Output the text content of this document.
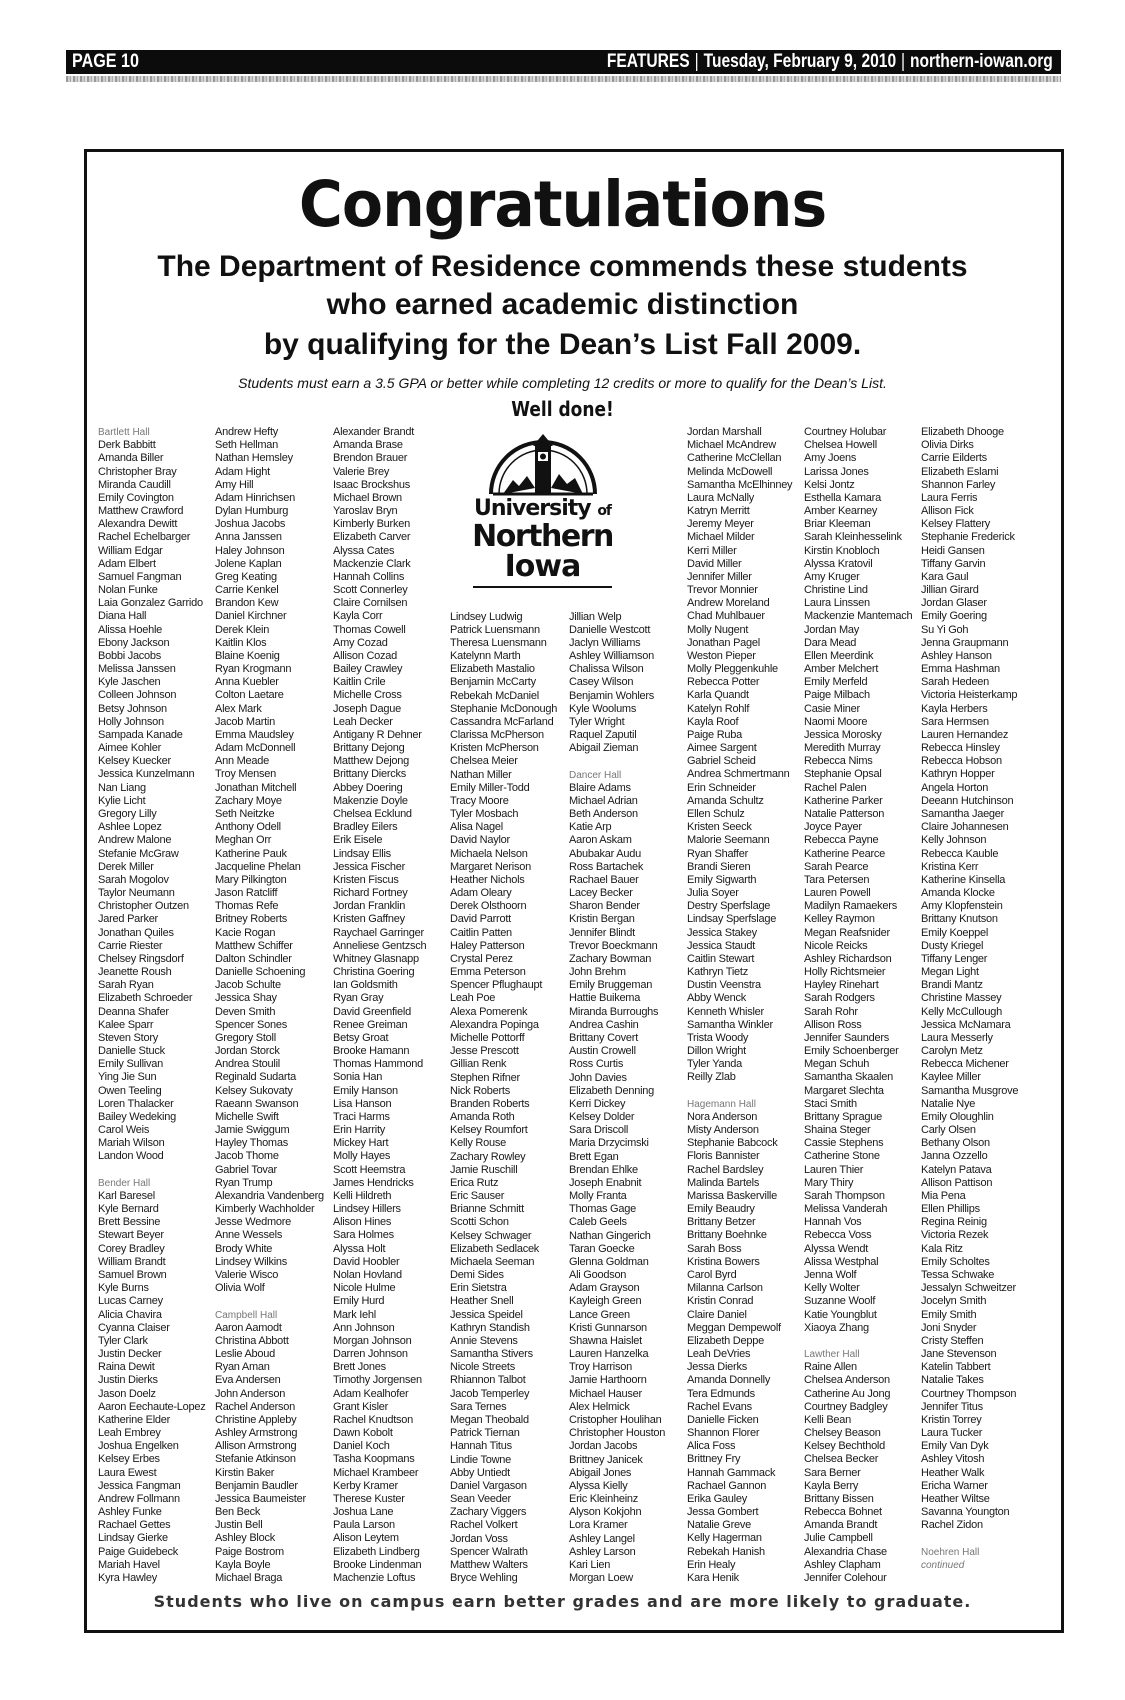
PAGE 10	FEATURES | Tuesday, February 9, 2010 | northern-iowan.org
Congratulations
The Department of Residence commends these students
who earned academic distinction
by qualifying for the Dean’s List Fall 2009.
Students must earn a 3.5 GPA or better while completing 12 credits or more to qualify for the Dean’s List.
Well done!
University of
Northern
Iowa
Bartlett Hall
Derk Babbitt
Amanda Biller
Christopher Bray
Miranda Caudill
Emily Covington
Matthew Crawford
Alexandra Dewitt
Rachel Echelbarger
William Edgar
Adam Elbert
Samuel Fangman
Nolan Funke
Laia Gonzalez Garrido
Diana Hall
Alissa Hoehle
Ebony Jackson
Bobbi Jacobs
Melissa Janssen
Kyle Jaschen
Colleen Johnson
Betsy Johnson
Holly Johnson
Sampada Kanade
Aimee Kohler
Kelsey Kuecker
Jessica Kunzelmann
Nan Liang
Kylie Licht
Gregory Lilly
Ashlee Lopez
Andrew Malone
Stefanie McGraw
Derek Miller
Sarah Mogolov
Taylor Neumann
Christopher Outzen
Jared Parker
Jonathan Quiles
Carrie Riester
Chelsey Ringsdorf
Jeanette Roush
Sarah Ryan
Elizabeth Schroeder
Deanna Shafer
Kalee Sparr
Steven Story
Danielle Stuck
Emily Sullivan
Ying Jie Sun
Owen Teeling
Loren Thalacker
Bailey Wedeking
Carol Weis
Mariah Wilson
Landon Wood
Bender Hall
Karl Baresel
Kyle Bernard
Brett Bessine
Stewart Beyer
Corey Bradley
William Brandt
Samuel Brown
Kyle Burns
Lucas Carney
Alicia Chavira
Cyanna Claiser
Tyler Clark
Justin Decker
Raina Dewit
Justin Dierks
Jason Doelz
Aaron Eechaute-Lopez
Katherine Elder
Leah Embrey
Joshua Engelken
Kelsey Erbes
Laura Ewest
Jessica Fangman
Andrew Follmann
Ashley Funke
Rachael Gettes
Lindsay Gierke
Paige Guidebeck
Mariah Havel
Kyra Hawley
Andrew Hefty
Seth Hellman
Nathan Hemsley
Adam Hight
Amy Hill
Adam Hinrichsen
Dylan Humburg
Joshua Jacobs
Anna Janssen
Haley Johnson
Jolene Kaplan
Greg Keating
Carrie Kenkel
Brandon Kew
Daniel Kirchner
Derek Klein
Kaitlin Klos
Blaine Koenig
Ryan Krogmann
Anna Kuebler
Colton Laetare
Alex Mark
Jacob Martin
Emma Maudsley
Adam McDonnell
Ann Meade
Troy Mensen
Jonathan Mitchell
Zachary Moye
Seth Neitzke
Anthony Odell
Meghan Orr
Katherine Pauk
Jacqueline Phelan
Mary Pilkington
Jason Ratcliff
Thomas Refe
Britney Roberts
Kacie Rogan
Matthew Schiffer
Dalton Schindler
Danielle Schoening
Jacob Schulte
Jessica Shay
Deven Smith
Spencer Sones
Gregory Stoll
Jordan Storck
Andrea Stoulil
Reginald Sudarta
Kelsey Sukovaty
Raeann Swanson
Michelle Swift
Jamie Swiggum
Hayley Thomas
Jacob Thome
Gabriel Tovar
Ryan Trump
Alexandria Vandenberg
Kimberly Wachholder
Jesse Wedmore
Anne Wessels
Brody White
Lindsey Wilkins
Valerie Wisco
Olivia Wolf
Campbell Hall
Aaron Aamodt
Christina Abbott
Leslie Aboud
Ryan Aman
Eva Andersen
John Anderson
Rachel Anderson
Christine Appleby
Ashley Armstrong
Allison Armstrong
Stefanie Atkinson
Kirstin Baker
Benjamin Baudler
Jessica Baumeister
Ben Beck
Justin Bell
Ashley Block
Paige Bostrom
Kayla Boyle
Michael Braga
Alexander Brandt
Amanda Brase
Brendon Brauer
Valerie Brey
Isaac Brockshus
Michael Brown
Yaroslav Bryn
Kimberly Burken
Elizabeth Carver
Alyssa Cates
Mackenzie Clark
Hannah Collins
Scott Connerley
Claire Cornilsen
Kayla Corr
Thomas Cowell
Amy Cozad
Allison Cozad
Bailey Crawley
Kaitlin Crile
Michelle Cross
Joseph Dague
Leah Decker
Antigany R Dehner
Brittany Dejong
Matthew Dejong
Brittany Diercks
Abbey Doering
Makenzie Doyle
Chelsea Ecklund
Bradley Eilers
Erik Eisele
Lindsay Ellis
Jessica Fischer
Kristen Fiscus
Richard Fortney
Jordan Franklin
Kristen Gaffney
Raychael Garringer
Anneliese Gentzsch
Whitney Glasnapp
Christina Goering
Ian Goldsmith
Ryan Gray
David Greenfield
Renee Greiman
Betsy Groat
Brooke Hamann
Thomas Hammond
Sonia Han
Emily Hanson
Lisa Hanson
Traci Harms
Erin Harrity
Mickey Hart
Molly Hayes
Scott Heemstra
James Hendricks
Kelli Hildreth
Lindsey Hillers
Alison Hines
Sara Holmes
Alyssa Holt
David Hoobler
Nolan Hovland
Nicole Hulme
Emily Hurd
Mark Iehl
Ann Johnson
Morgan Johnson
Darren Johnson
Brett Jones
Timothy Jorgensen
Adam Kealhofer
Grant Kisler
Rachel Knudtson
Dawn Kobolt
Daniel Koch
Tasha Koopmans
Michael Krambeer
Kerby Kramer
Therese Kuster
Joshua Lane
Paula Larson
Alison Leytem
Elizabeth Lindberg
Brooke Lindenman
Machenzie Loftus
Lindsey Ludwig
Patrick Luensmann
Theresa Luensmann
Katelynn Marth
Elizabeth Mastalio
Benjamin McCarty
Rebekah McDaniel
Stephanie McDonough
Cassandra McFarland
Clarissa McPherson
Kristen McPherson
Chelsea Meier
Nathan Miller
Emily Miller-Todd
Tracy Moore
Tyler Mosbach
Alisa Nagel
David Naylor
Michaela Nelson
Margaret Nerison
Heather Nichols
Adam Oleary
Derek Olsthoorn
David Parrott
Caitlin Patten
Haley Patterson
Crystal Perez
Emma Peterson
Spencer Pflughaupt
Leah Poe
Alexa Pomerenk
Alexandra Popinga
Michelle Pottorff
Jesse Prescott
Gillian Renk
Stephen Rifner
Nick Roberts
Branden Roberts
Amanda Roth
Kelsey Roumfort
Kelly Rouse
Zachary Rowley
Jamie Ruschill
Erica Rutz
Eric Sauser
Brianne Schmitt
Scotti Schon
Kelsey Schwager
Elizabeth Sedlacek
Michaela Seeman
Demi Sides
Erin Sietstra
Heather Snell
Jessica Speidel
Kathryn Standish
Annie Stevens
Samantha Stivers
Nicole Streets
Rhiannon Talbot
Jacob Temperley
Sara Ternes
Megan Theobald
Patrick Tiernan
Hannah Titus
Lindie Towne
Abby Untiedt
Daniel Vargason
Sean Veeder
Zachary Viggers
Rachel Volkert
Jordan Voss
Spencer Walrath
Matthew Walters
Bryce Wehling
Jillian Welp
Danielle Westcott
Jaclyn Williams
Ashley Williamson
Chalissa Wilson
Casey Wilson
Benjamin Wohlers
Kyle Woolums
Tyler Wright
Raquel Zaputil
Abigail Zieman
Dancer Hall
Blaire Adams
Michael Adrian
Beth Anderson
Katie Arp
Aaron Askam
Abubakar Audu
Ross Bartachek
Rachael Bauer
Lacey Becker
Sharon Bender
Kristin Bergan
Jennifer Blindt
Trevor Boeckmann
Zachary Bowman
John Brehm
Emily Bruggeman
Hattie Buikema
Miranda Burroughs
Andrea Cashin
Brittany Covert
Austin Crowell
Ross Curtis
John Davies
Elizabeth Denning
Kerri Dickey
Kelsey Dolder
Sara Driscoll
Maria Drzycimski
Brett Egan
Brendan Ehlke
Joseph Enabnit
Molly Franta
Thomas Gage
Caleb Geels
Nathan Gingerich
Taran Goecke
Glenna Goldman
Ali Goodson
Adam Grayson
Kayleigh Green
Lance Green
Kristi Gunnarson
Shawna Haislet
Lauren Hanzelka
Troy Harrison
Jamie Harthoorn
Michael Hauser
Alex Helmick
Cristopher Houlihan
Christopher Houston
Jordan Jacobs
Brittney Janicek
Abigail Jones
Alyssa Kielly
Eric Kleinheinz
Alyson Kokjohn
Lora Kramer
Ashley Langel
Ashley Larson
Kari Lien
Morgan Loew
Jordan Marshall
Michael McAndrew
Catherine McClellan
Melinda McDowell
Samantha McElhinney
Laura McNally
Katryn Merritt
Jeremy Meyer
Michael Milder
Kerri Miller
David Miller
Jennifer Miller
Trevor Monnier
Andrew Moreland
Chad Muhlbauer
Molly Nugent
Jonathan Pagel
Weston Pieper
Molly Pleggenkuhle
Rebecca Potter
Karla Quandt
Katelyn Rohlf
Kayla Roof
Paige Ruba
Aimee Sargent
Gabriel Scheid
Andrea Schmertmann
Erin Schneider
Amanda Schultz
Ellen Schulz
Kristen Seeck
Malorie Seemann
Ryan Shaffer
Brandi Sieren
Emily Sigwarth
Julia Soyer
Destry Sperfslage
Lindsay Sperfslage
Jessica Stakey
Jessica Staudt
Caitlin Stewart
Kathryn Tietz
Dustin Veenstra
Abby Wenck
Kenneth Whisler
Samantha Winkler
Trista Woody
Dillon Wright
Tyler Yanda
Reilly Zlab
Hagemann Hall
Nora Anderson
Misty Anderson
Stephanie Babcock
Floris Bannister
Rachel Bardsley
Malinda Bartels
Marissa Baskerville
Emily Beaudry
Brittany Betzer
Brittany Boehnke
Sarah Boss
Kristina Bowers
Carol Byrd
Milanna Carlson
Kristin Conrad
Claire Daniel
Meggan Dempewolf
Elizabeth Deppe
Leah DeVries
Jessa Dierks
Amanda Donnelly
Tera Edmunds
Rachel Evans
Danielle Ficken
Shannon Florer
Alica Foss
Brittney Fry
Hannah Gammack
Rachael Gannon
Erika Gauley
Jessa Gombert
Natalie Greve
Kelly Hagerman
Rebekah Hanish
Erin Healy
Kara Henik
Courtney Holubar
Chelsea Howell
Amy Joens
Larissa Jones
Kelsi Jontz
Esthella Kamara
Amber Kearney
Briar Kleeman
Sarah Kleinhesselink
Kirstin Knobloch
Alyssa Kratovil
Amy Kruger
Christine Lind
Laura Linssen
Mackenzie Mantemach
Jordan May
Dara Mead
Ellen Meerdink
Amber Melchert
Emily Merfeld
Paige Milbach
Casie Miner
Naomi Moore
Jessica Morosky
Meredith Murray
Rebecca Nims
Stephanie Opsal
Rachel Palen
Katherine Parker
Natalie Patterson
Joyce Payer
Rebecca Payne
Katherine Pearce
Sarah Pearce
Tara Petersen
Lauren Powell
Madilyn Ramaekers
Kelley Raymon
Megan Reafsnider
Nicole Reicks
Ashley Richardson
Holly Richtsmeier
Hayley Rinehart
Sarah Rodgers
Sarah Rohr
Allison Ross
Jennifer Saunders
Emily Schoenberger
Megan Schuh
Samantha Skaalen
Margaret Slechta
Staci Smith
Brittany Sprague
Shaina Steger
Cassie Stephens
Catherine Stone
Lauren Thier
Mary Thiry
Sarah Thompson
Melissa Vanderah
Hannah Vos
Rebecca Voss
Alyssa Wendt
Alissa Westphal
Jenna Wolf
Kelly Wolter
Suzanne Woolf
Katie Youngblut
Xiaoya Zhang
Lawther Hall
Raine Allen
Chelsea Anderson
Catherine Au Jong
Courtney Badgley
Kelli Bean
Chelsey Beason
Kelsey Bechthold
Chelsea Becker
Sara Berner
Kayla Berry
Brittany Bissen
Rebecca Bohnet
Amanda Brandt
Julie Campbell
Alexandria Chase
Ashley Clapham
Jennifer Colehour
Elizabeth Dhooge
Olivia Dirks
Carrie Eilderts
Elizabeth Eslami
Shannon Farley
Laura Ferris
Allison Fick
Kelsey Flattery
Stephanie Frederick
Heidi Gansen
Tiffany Garvin
Kara Gaul
Jillian Girard
Jordan Glaser
Emily Goering
Su Yi Goh
Jenna Graupmann
Ashley Hanson
Emma Hashman
Sarah Hedeen
Victoria Heisterkamp
Kayla Herbers
Sara Hermsen
Lauren Hernandez
Rebecca Hinsley
Rebecca Hobson
Kathryn Hopper
Angela Horton
Deeann Hutchinson
Samantha Jaeger
Claire Johannesen
Kelly Johnson
Rebecca Kauble
Kristina Kerr
Katherine Kinsella
Amanda Klocke
Amy Klopfenstein
Brittany Knutson
Emily Koeppel
Dusty Kriegel
Tiffany Lenger
Megan Light
Brandi Mantz
Christine Massey
Kelly McCullough
Jessica McNamara
Laura Messerly
Carolyn Metz
Rebecca Michener
Kaylee Miller
Samantha Musgrove
Natalie Nye
Emily Oloughlin
Carly Olsen
Bethany Olson
Janna Ozzello
Katelyn Patava
Allison Pattison
Mia Pena
Ellen Phillips
Regina Reinig
Victoria Rezek
Kala Ritz
Emily Scholtes
Tessa Schwake
Jessalyn Schweitzer
Jocelyn Smith
Emily Smith
Joni Snyder
Cristy Steffen
Jane Stevenson
Katelin Tabbert
Natalie Takes
Courtney Thompson
Jennifer Titus
Kristin Torrey
Laura Tucker
Emily Van Dyk
Ashley Vitosh
Heather Walk
Ericha Warner
Heather Wiltse
Savanna Youngton
Rachel Zidon
Noehren Hall
continued
Students who live on campus earn better grades and are more likely to graduate.
